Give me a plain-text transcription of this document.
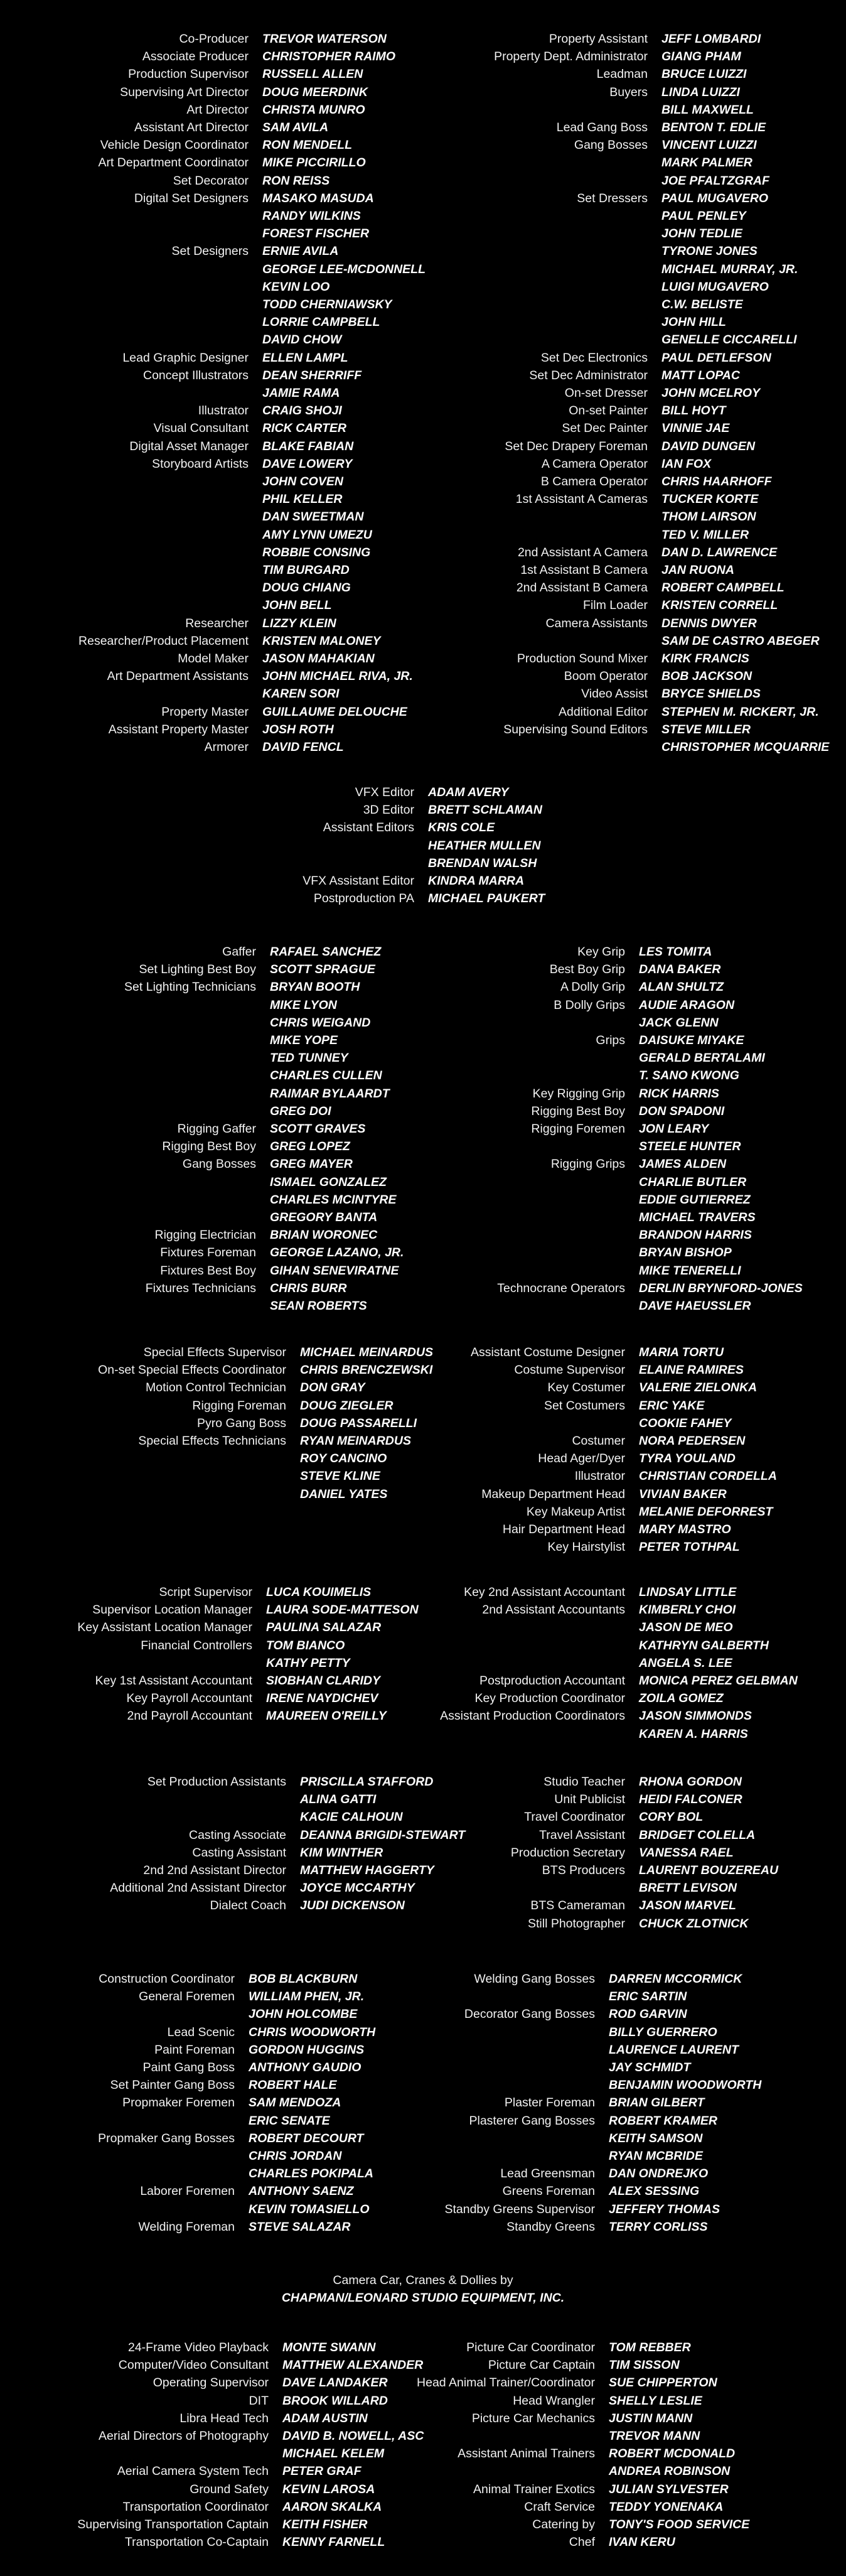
Co-Producer TREVOR WATERSON
Associate Producer CHRISTOPHER RAIMO
Production Supervisor RUSSELL ALLEN
Supervising Art Director DOUG MEERDINK
Art Director CHRISTA MUNRO
Assistant Art Director SAM AVILA
Vehicle Design Coordinator RON MENDELL
Art Department Coordinator MIKE PICCIRILLO
Set Decorator RON REISS
Digital Set Designers MASAKO MASUDA
RANDY WILKINS
FOREST FISCHER
Set Designers ERNIE AVILA
GEORGE LEE-MCDONNELL
KEVIN LOO
TODD CHERNIAWSKY
LORRIE CAMPBELL
DAVID CHOW
Lead Graphic Designer ELLEN LAMPL
Concept Illustrators DEAN SHERRIFF
JAMIE RAMA
Illustrator CRAIG SHOJI
Visual Consultant RICK CARTER
Digital Asset Manager BLAKE FABIAN
Storyboard Artists DAVE LOWERY
JOHN COVEN
PHIL KELLER
DAN SWEETMAN
AMY LYNN UMEZU
ROBBIE CONSING
TIM BURGARD
DOUG CHIANG
JOHN BELL
Researcher LIZZY KLEIN
Researcher/Product Placement KRISTEN MALONEY
Model Maker JASON MAHAKIAN
Art Department Assistants JOHN MICHAEL RIVA, JR.
KAREN SORI
Property Master GUILLAUME DELOUCHE
Assistant Property Master JOSH ROTH
Armorer DAVID FENCL
Property Assistant JEFF LOMBARDI
Property Dept. Administrator GIANG PHAM
Leadman BRUCE LUIZZI
Buyers LINDA LUIZZI
BILL MAXWELL
Lead Gang Boss BENTON T. EDLIE
Gang Bosses VINCENT LUIZZI
MARK PALMER
JOE PFALTZGRAF
Set Dressers PAUL MUGAVERO
PAUL PENLEY
JOHN TEDLIE
TYRONE JONES
MICHAEL MURRAY, JR.
LUIGI MUGAVERO
C.W. BELISTE
JOHN HILL
GENELLE CICCARELLI
Set Dec Electronics PAUL DETLEFSON
Set Dec Administrator MATT LOPAC
On-set Dresser JOHN MCELROY
On-set Painter BILL HOYT
Set Dec Painter VINNIE JAE
Set Dec Drapery Foreman DAVID DUNGEN
A Camera Operator IAN FOX
B Camera Operator CHRIS HAARHOFF
1st Assistant A Cameras TUCKER KORTE
THOM LAIRSON
TED V. MILLER
2nd Assistant A Camera DAN D. LAWRENCE
1st Assistant B Camera JAN RUONA
2nd Assistant B Camera ROBERT CAMPBELL
Film Loader KRISTEN CORRELL
Camera Assistants DENNIS DWYER
SAM DE CASTRO ABEGER
Production Sound Mixer KIRK FRANCIS
Boom Operator BOB JACKSON
Video Assist BRYCE SHIELDS
Additional Editor STEPHEN M. RICKERT, JR.
Supervising Sound Editors STEVE MILLER
CHRISTOPHER MCQUARRIE
VFX Editor ADAM AVERY
3D Editor BRETT SCHLAMAN
Assistant Editors KRIS COLE
HEATHER MULLEN
BRENDAN WALSH
VFX Assistant Editor KINDRA MARRA
Postproduction PA MICHAEL PAUKERT
Gaffer RAFAEL SANCHEZ
Set Lighting Best Boy SCOTT SPRAGUE
Set Lighting Technicians BRYAN BOOTH
MIKE LYON
CHRIS WEIGAND
MIKE YOPE
TED TUNNEY
CHARLES CULLEN
RAIMAR BYLAARDT
GREG DOI
Rigging Gaffer SCOTT GRAVES
Rigging Best Boy GREG LOPEZ
Gang Bosses GREG MAYER
ISMAEL GONZALEZ
CHARLES MCINTYRE
GREGORY BANTA
Rigging Electrician BRIAN WORONEC
Fixtures Foreman GEORGE LAZANO, JR.
Fixtures Best Boy GIHAN SENEVIRATNE
Fixtures Technicians CHRIS BURR
SEAN ROBERTS
Key Grip LES TOMITA
Best Boy Grip DANA BAKER
A Dolly Grip ALAN SHULTZ
B Dolly Grips AUDIE ARAGON
JACK GLENN
Grips DAISUKE MIYAKE
GERALD BERTALAMI
T. SANO KWONG
Key Rigging Grip RICK HARRIS
Rigging Best Boy DON SPADONI
Rigging Foremen JON LEARY
STEELE HUNTER
Rigging Grips JAMES ALDEN
CHARLIE BUTLER
EDDIE GUTIERREZ
MICHAEL TRAVERS
BRANDON HARRIS
BRYAN BISHOP
MIKE TENERELLI
Technocrane Operators DERLIN BRYNFORD-JONES
DAVE HAEUSSLER
Special Effects Supervisor MICHAEL MEINARDUS
On-set Special Effects Coordinator CHRIS BRENCZEWSKI
Motion Control Technician DON GRAY
Rigging Foreman DOUG ZIEGLER
Pyro Gang Boss DOUG PASSARELLI
Special Effects Technicians RYAN MEINARDUS
ROY CANCINO
STEVE KLINE
DANIEL YATES
Assistant Costume Designer MARIA TORTU
Costume Supervisor ELAINE RAMIRES
Key Costumer VALERIE ZIELONKA
Set Costumers ERIC YAKE
COOKIE FAHEY
Costumer NORA PEDERSEN
Head Ager/Dyer TYRA YOULAND
Illustrator CHRISTIAN CORDELLA
Makeup Department Head VIVIAN BAKER
Key Makeup Artist MELANIE DEFORREST
Hair Department Head MARY MASTRO
Key Hairstylist PETER TOTHPAL
Script Supervisor LUCA KOUIMELIS
Supervisor Location Manager LAURA SODE-MATTESON
Key Assistant Location Manager PAULINA SALAZAR
Financial Controllers TOM BIANCO
KATHY PETTY
Key 1st Assistant Accountant SIOBHAN CLARIDY
Key Payroll Accountant IRENE NAYDICHEV
2nd Payroll Accountant MAUREEN O'REILLY
Key 2nd Assistant Accountant LINDSAY LITTLE
2nd Assistant Accountants KIMBERLY CHOI
JASON DE MEO
KATHRYN GALBERTH
ANGELA S. LEE
Postproduction Accountant MONICA PEREZ GELBMAN
Key Production Coordinator ZOILA GOMEZ
Assistant Production Coordinators JASON SIMMONDS
KAREN A. HARRIS
Set Production Assistants PRISCILLA STAFFORD
ALINA GATTI
KACIE CALHOUN
Casting Associate DEANNA BRIGIDI-STEWART
Casting Assistant KIM WINTHER
2nd 2nd Assistant Director MATTHEW HAGGERTY
Additional 2nd Assistant Director JOYCE MCCARTHY
Dialect Coach JUDI DICKENSON
Studio Teacher RHONA GORDON
Unit Publicist HEIDI FALCONER
Travel Coordinator CORY BOL
Travel Assistant BRIDGET COLELLA
Production Secretary VANESSA RAEL
BTS Producers LAURENT BOUZEREAU
BRETT LEVISON
BTS Cameraman JASON MARVEL
Still Photographer CHUCK ZLOTNICK
Construction Coordinator BOB BLACKBURN
General Foremen WILLIAM PHEN, JR.
JOHN HOLCOMBE
Lead Scenic CHRIS WOODWORTH
Paint Foreman GORDON HUGGINS
Paint Gang Boss ANTHONY GAUDIO
Set Painter Gang Boss ROBERT HALE
Propmaker Foremen SAM MENDOZA
ERIC SENATE
Propmaker Gang Bosses ROBERT DECOURT
CHRIS JORDAN
CHARLES POKIPALA
Laborer Foremen ANTHONY SAENZ
KEVIN TOMASIELLO
Welding Foreman STEVE SALAZAR
Welding Gang Bosses DARREN MCCORMICK
ERIC SARTIN
Decorator Gang Bosses ROD GARVIN
BILLY GUERRERO
LAURENCE LAURENT
JAY SCHMIDT
BENJAMIN WOODWORTH
Plaster Foreman BRIAN GILBERT
Plasterer Gang Bosses ROBERT KRAMER
KEITH SAMSON
RYAN MCBRIDE
Lead Greensman DAN ONDREJKO
Greens Foreman ALEX SESSING
Standby Greens Supervisor JEFFERY THOMAS
Standby Greens TERRY CORLISS
Camera Car, Cranes & Dollies by
CHAPMAN/LEONARD STUDIO EQUIPMENT, INC.
24-Frame Video Playback MONTE SWANN
Computer/Video Consultant MATTHEW ALEXANDER
Operating Supervisor DAVE LANDAKER
DIT BROOK WILLARD
Libra Head Tech ADAM AUSTIN
Aerial Directors of Photography DAVID B. NOWELL, ASC
MICHAEL KELEM
Aerial Camera System Tech PETER GRAF
Ground Safety KEVIN LAROSA
Transportation Coordinator AARON SKALKA
Supervising Transportation Captain KEITH FISHER
Transportation Co-Captain KENNY FARNELL
Picture Car Coordinator TOM REBBER
Picture Car Captain TIM SISSON
Head Animal Trainer/Coordinator SUE CHIPPERTON
Head Wrangler SHELLY LESLIE
Picture Car Mechanics JUSTIN MANN
TREVOR MANN
Assistant Animal Trainers ROBERT MCDONALD
ANDREA ROBINSON
Animal Trainer Exotics JULIAN SYLVESTER
Craft Service TEDDY YONENAKA
Catering by TONY'S FOOD SERVICE
Chef IVAN KERU
